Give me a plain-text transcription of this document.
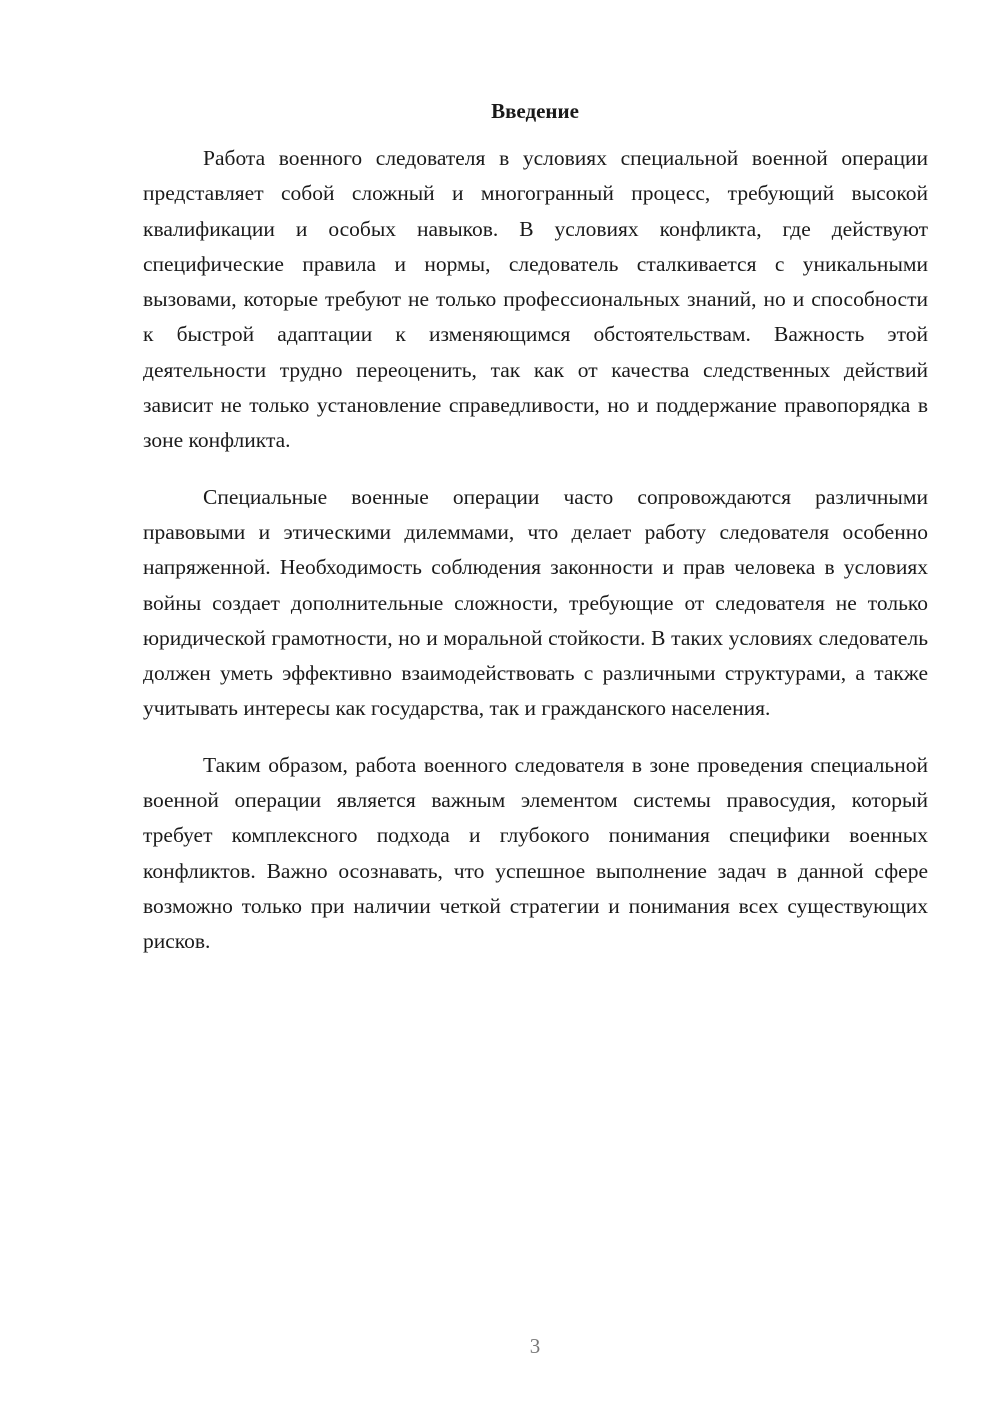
Введение

Работа военного следователя в условиях специальной военной операции представляет собой сложный и многогранный процесс, требующий высокой квалификации и особых навыков. В условиях конфликта, где действуют специфические правила и нормы, следователь сталкивается с уникальными вызовами, которые требуют не только профессиональных знаний, но и способности к быстрой адаптации к изменяющимся обстоятельствам. Важность этой деятельности трудно переоценить, так как от качества следственных действий зависит не только установление справедливости, но и поддержание правопорядка в зоне конфликта.

Специальные военные операции часто сопровождаются различными правовыми и этическими дилеммами, что делает работу следователя особенно напряженной. Необходимость соблюдения законности и прав человека в условиях войны создает дополнительные сложности, требующие от следователя не только юридической грамотности, но и моральной стойкости. В таких условиях следователь должен уметь эффективно взаимодействовать с различными структурами, а также учитывать интересы как государства, так и гражданского населения.

Таким образом, работа военного следователя в зоне проведения специальной военной операции является важным элементом системы правосудия, который требует комплексного подхода и глубокого понимания специфики военных конфликтов. Важно осознавать, что успешное выполнение задач в данной сфере возможно только при наличии четкой стратегии и понимания всех существующих рисков.

3
